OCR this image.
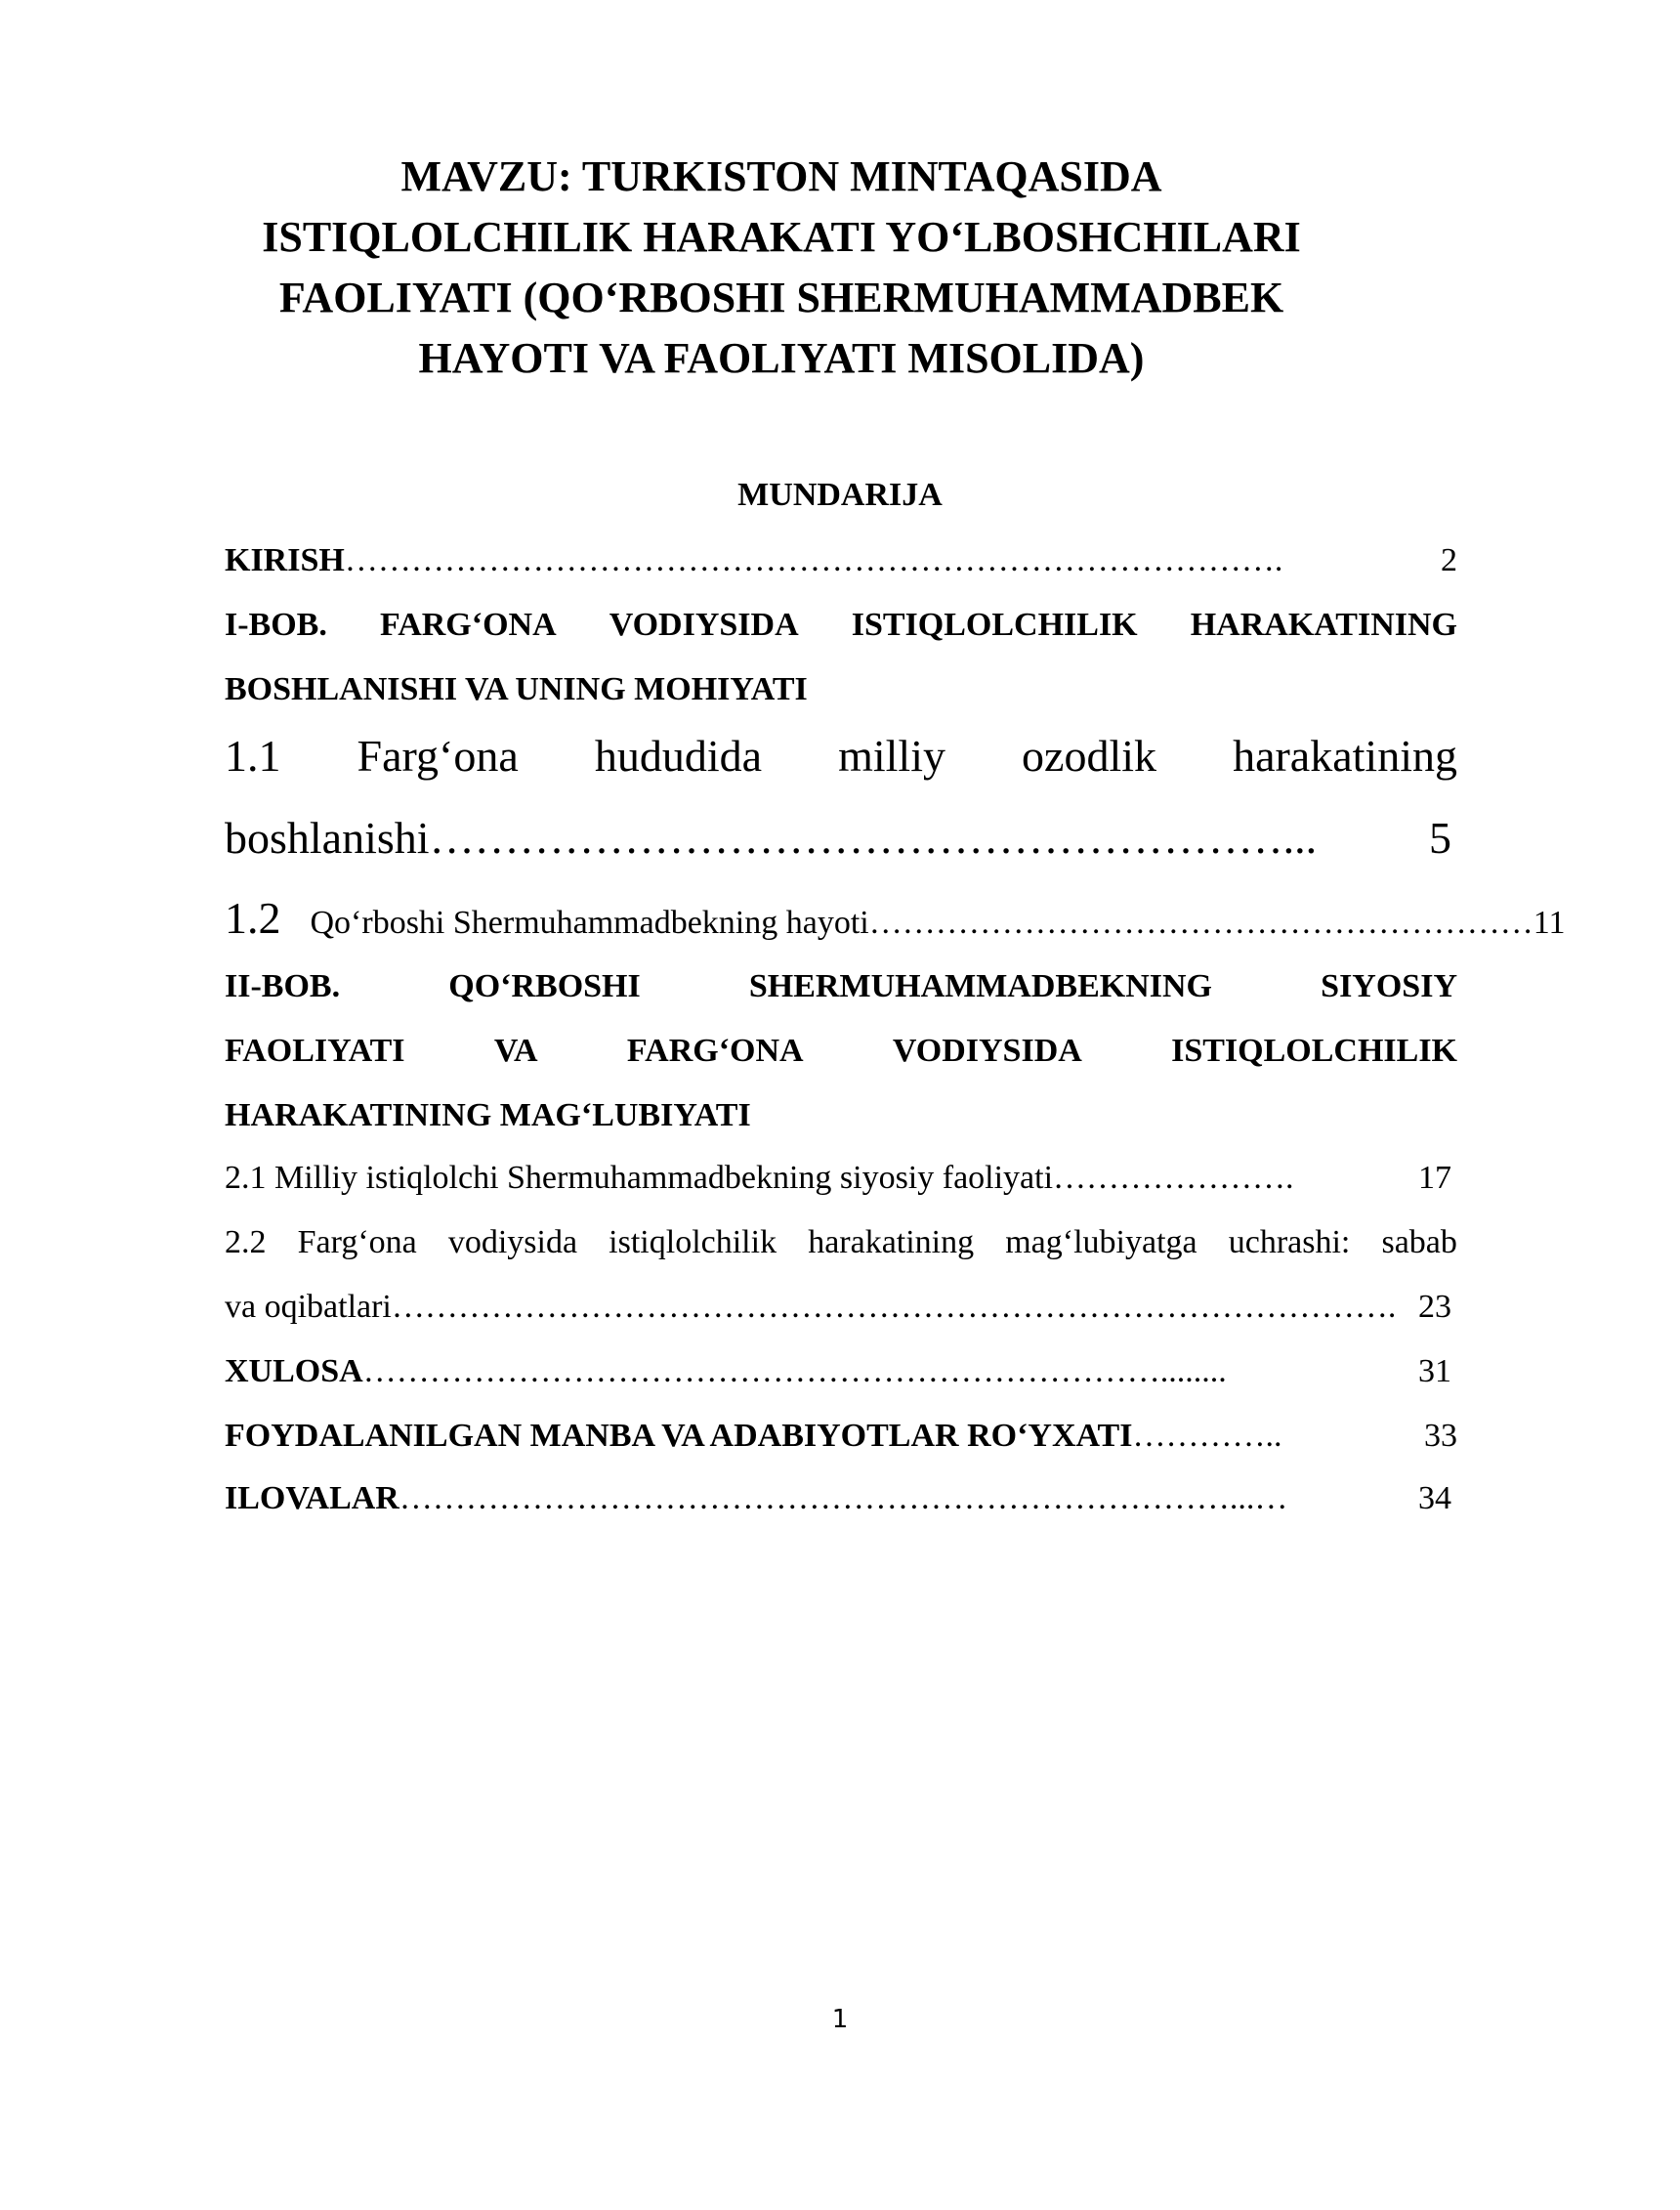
MAVZU: TURKISTON MINTAQASIDA
ISTIQLOLCHILIK HARAKATI YO‘LBOSHCHILARI
FAOLIYATI (QO‘RBOSHI SHERMUHAMMADBEK
HAYOTI VA FAOLIYATI MISOLIDA)
MUNDARIJA
KIRISH ………………………………………………………………………….	2
I-BOB. FARG‘ONA VODIYSIDA ISTIQLOLCHILIK HARAKATINING
BOSHLANISHI VA UNING MOHIYATI
1.1 Farg‘ona hududida milliy ozodlik harakatining
boshlanishi …………………………………………………...	5
1.2 Qo‘rboshi Shermuhammadbekning hayoti …………………………………………………… 11
II-BOB.	QO‘RBOSHI	SHERMUHAMMADBEKNING	SIYOSIY
FAOLIYATI	VA	FARG‘ONA	VODIYSIDA	ISTIQLOLCHILIK
HARAKATINING MAG‘LUBIYATI
2.1 Milliy istiqlolchi Shermuhammadbekning siyosiy faoliyati ………………….	17
2.2 Farg‘ona vodiysida istiqlolchilik harakatining mag‘lubiyatga uchrashi: sabab
va oqibatlari ………………………………………………………………………………. 23
XULOSA ………………………………………………………………........	31
FOYDALANILGAN MANBA VA ADABIYOTLAR RO‘YXATI …………..	33
ILOVALAR …………………………………………………………………...…	34
1
